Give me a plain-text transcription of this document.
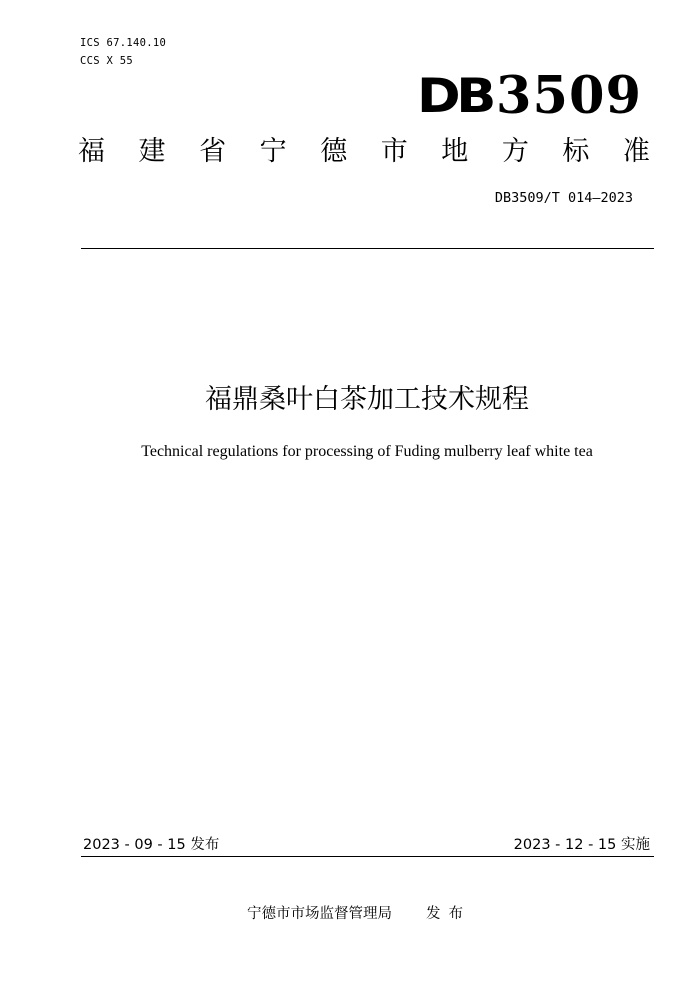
ICS 67.140.10
CCS X 55
DB 3509
福 建 省 宁 德 市 地 方 标 准
DB3509/T 014—2023
福鼎桑叶白茶加工技术规程
Technical regulations for processing of Fuding mulberry leaf white tea
2023 - 09 - 15 发布	2023 - 12 - 15 实施
宁德市市场监督管理局 发布
